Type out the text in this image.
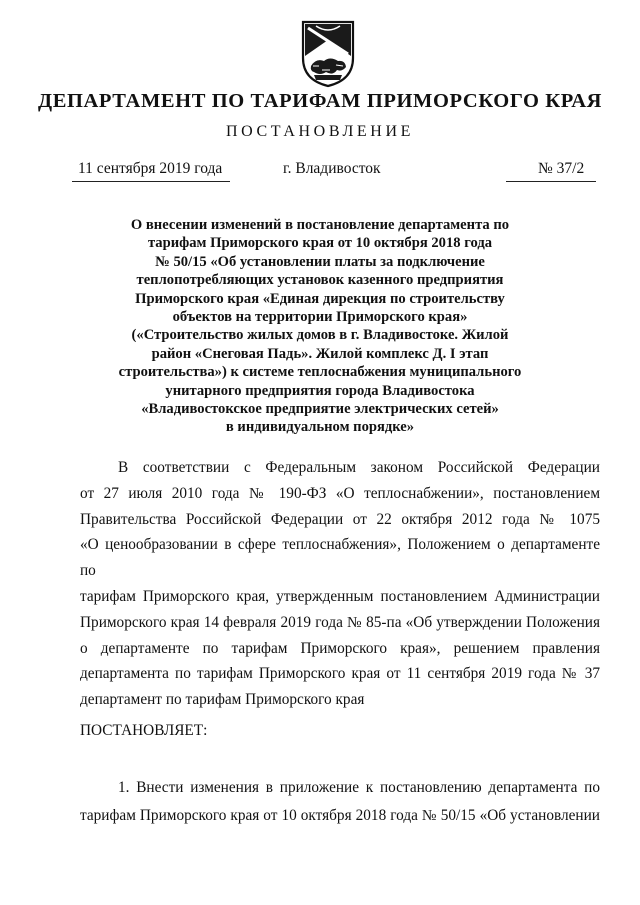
ДЕПАРТАМЕНТ ПО ТАРИФАМ ПРИМОРСКОГО КРАЯ
ПОСТАНОВЛЕНИЕ
11 сентября 2019 года	г. Владивосток	№ 37/2
О внесении изменений в постановление департамента по
тарифам Приморского края от 10 октября 2018 года
№ 50/15 «Об установлении платы за подключение
теплопотребляющих установок казенного предприятия
Приморского края «Единая дирекция по строительству
объектов на территории Приморского края»
(«Строительство жилых домов в г. Владивостоке. Жилой
район «Снеговая Падь». Жилой комплекс Д. I этап
строительства») к системе теплоснабжения муниципального
унитарного предприятия города Владивостока
«Владивостокское предприятие электрических сетей»
в индивидуальном порядке»
В соответствии с Федеральным законом Российской Федерации
от 27 июля 2010 года № 190-ФЗ «О теплоснабжении», постановлением
Правительства Российской Федерации от 22 октября 2012 года № 1075
«О ценообразовании в сфере теплоснабжения», Положением о департаменте по
тарифам Приморского края, утвержденным постановлением Администрации
Приморского края 14 февраля 2019 года № 85-па «Об утверждении Положения
о департаменте по тарифам Приморского края», решением правления
департамента по тарифам Приморского края от 11 сентября 2019 года № 37
департамент по тарифам Приморского края
ПОСТАНОВЛЯЕТ:
1. Внести изменения в приложение к постановлению департамента по
тарифам Приморского края от 10 октября 2018 года № 50/15 «Об установлении
